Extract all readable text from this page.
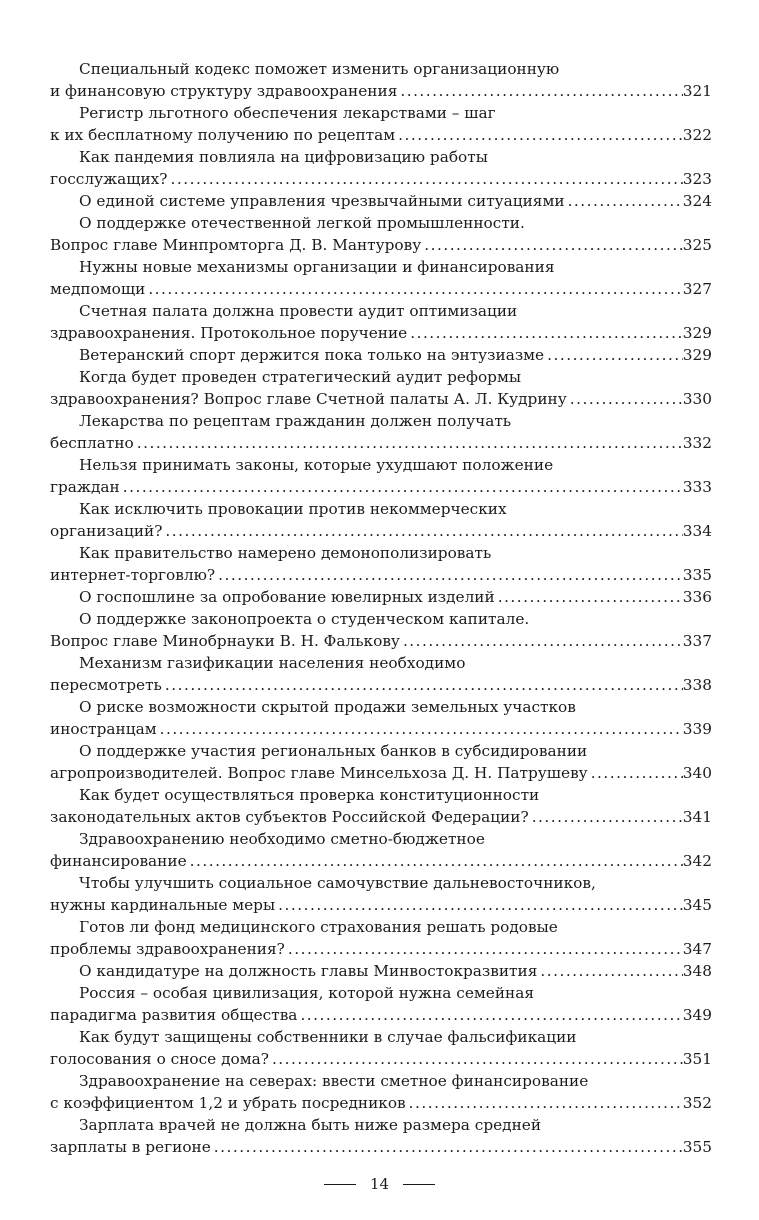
Специальный кодекс поможет изменить организационную
и финансовую структуру здравоохранения .....	321
Регистр льготного обеспечения лекарствами – шаг
к их бесплатному получению по рецептам .....	322
Как пандемия повлияла на цифровизацию работы
госслужащих? .....	323
О единой системе управления чрезвычайными ситуациями .....	324
О поддержке отечественной легкой промышленности.
Вопрос главе Минпромторга Д. В. Мантурову .....	325
Нужны новые механизмы организации и финансирования
медпомощи .....	327
Счетная палата должна провести аудит оптимизации
здравоохранения. Протокольное поручение .....	329
Ветеранский спорт держится пока только на энтузиазме .....	329
Когда будет проведен стратегический аудит реформы
здравоохранения? Вопрос главе Счетной палаты А. Л. Кудрину .....	330
Лекарства по рецептам гражданин должен получать
бесплатно .....	332
Нельзя принимать законы, которые ухудшают положение
граждан .....	333
Как исключить провокации против некоммерческих
организаций? .....	334
Как правительство намерено демонополизировать
интернет-торговлю? .....	335
О госпошлине за опробование ювелирных изделий .....	336
О поддержке законопроекта о студенческом капитале.
Вопрос главе Минобрнауки В. Н. Фалькову .....	337
Механизм газификации населения необходимо
пересмотреть .....	338
О риске возможности скрытой продажи земельных участков
иностранцам .....	339
О поддержке участия региональных банков в субсидировании
агропроизводителей. Вопрос главе Минсельхоза Д. Н. Патрушеву .....	340
Как будет осуществляться проверка конституционности
законодательных актов субъектов Российской Федерации? .....	341
Здравоохранению необходимо сметно-бюджетное
финансирование .....	342
Чтобы улучшить социальное самочувствие дальневосточников,
нужны кардинальные меры .....	345
Готов ли фонд медицинского страхования решать родовые
проблемы здравоохранения? .....	347
О кандидатуре на должность главы Минвостокразвития .....	348
Россия – особая цивилизация, которой нужна семейная
парадигма развития общества .....	349
Как будут защищены собственники в случае фальсификации
голосования о сносе дома? .....	351
Здравоохранение на северах: ввести сметное финансирование
с коэффициентом 1,2 и убрать посредников .....	352
Зарплата врачей не должна быть ниже размера средней
зарплаты в регионе .....	355
14
